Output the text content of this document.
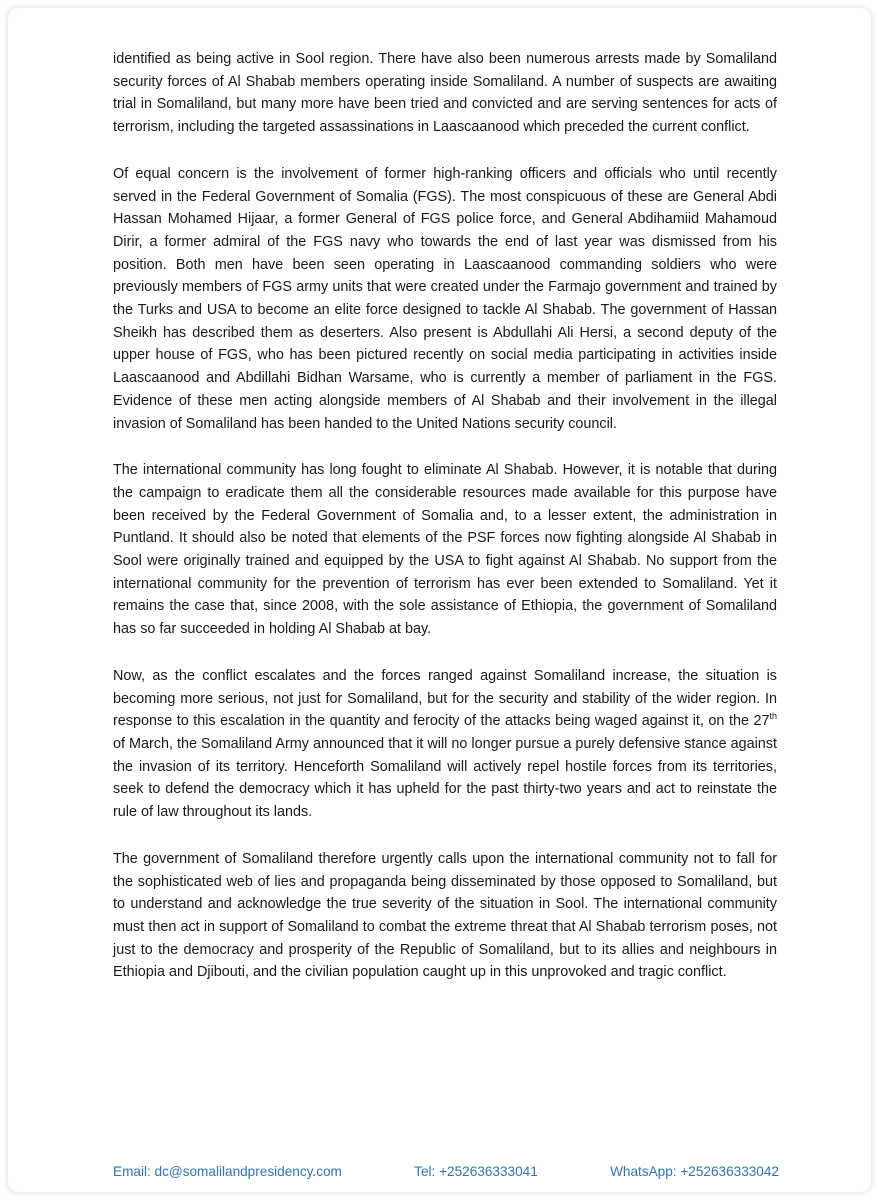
identified as being active in Sool region. There have also been numerous arrests made by Somaliland security forces of Al Shabab members operating inside Somaliland. A number of suspects are awaiting trial in Somaliland, but many more have been tried and convicted and are serving sentences for acts of terrorism, including the targeted assassinations in Laascaanood which preceded the current conflict.

Of equal concern is the involvement of former high-ranking officers and officials who until recently served in the Federal Government of Somalia (FGS). The most conspicuous of these are General Abdi Hassan Mohamed Hijaar, a former General of FGS police force, and General Abdihamiid Mahamoud Dirir, a former admiral of the FGS navy who towards the end of last year was dismissed from his position. Both men have been seen operating in Laascaanood commanding soldiers who were previously members of FGS army units that were created under the Farmajo government and trained by the Turks and USA to become an elite force designed to tackle Al Shabab. The government of Hassan Sheikh has described them as deserters. Also present is Abdullahi Ali Hersi, a second deputy of the upper house of FGS, who has been pictured recently on social media participating in activities inside Laascaanood and Abdillahi Bidhan Warsame, who is currently a member of parliament in the FGS. Evidence of these men acting alongside members of Al Shabab and their involvement in the illegal invasion of Somaliland has been handed to the United Nations security council.

The international community has long fought to eliminate Al Shabab. However, it is notable that during the campaign to eradicate them all the considerable resources made available for this purpose have been received by the Federal Government of Somalia and, to a lesser extent, the administration in Puntland. It should also be noted that elements of the PSF forces now fighting alongside Al Shabab in Sool were originally trained and equipped by the USA to fight against Al Shabab. No support from the international community for the prevention of terrorism has ever been extended to Somaliland. Yet it remains the case that, since 2008, with the sole assistance of Ethiopia, the government of Somaliland has so far succeeded in holding Al Shabab at bay.

Now, as the conflict escalates and the forces ranged against Somaliland increase, the situation is becoming more serious, not just for Somaliland, but for the security and stability of the wider region. In response to this escalation in the quantity and ferocity of the attacks being waged against it, on the 27th of March, the Somaliland Army announced that it will no longer pursue a purely defensive stance against the invasion of its territory. Henceforth Somaliland will actively repel hostile forces from its territories, seek to defend the democracy which it has upheld for the past thirty-two years and act to reinstate the rule of law throughout its lands.

The government of Somaliland therefore urgently calls upon the international community not to fall for the sophisticated web of lies and propaganda being disseminated by those opposed to Somaliland, but to understand and acknowledge the true severity of the situation in Sool. The international community must then act in support of Somaliland to combat the extreme threat that Al Shabab terrorism poses, not just to the democracy and prosperity of the Republic of Somaliland, but to its allies and neighbours in Ethiopia and Djibouti, and the civilian population caught up in this unprovoked and tragic conflict.

Email: dc@somalilandpresidency.com	Tel: +252636333041	WhatsApp: +252636333042
